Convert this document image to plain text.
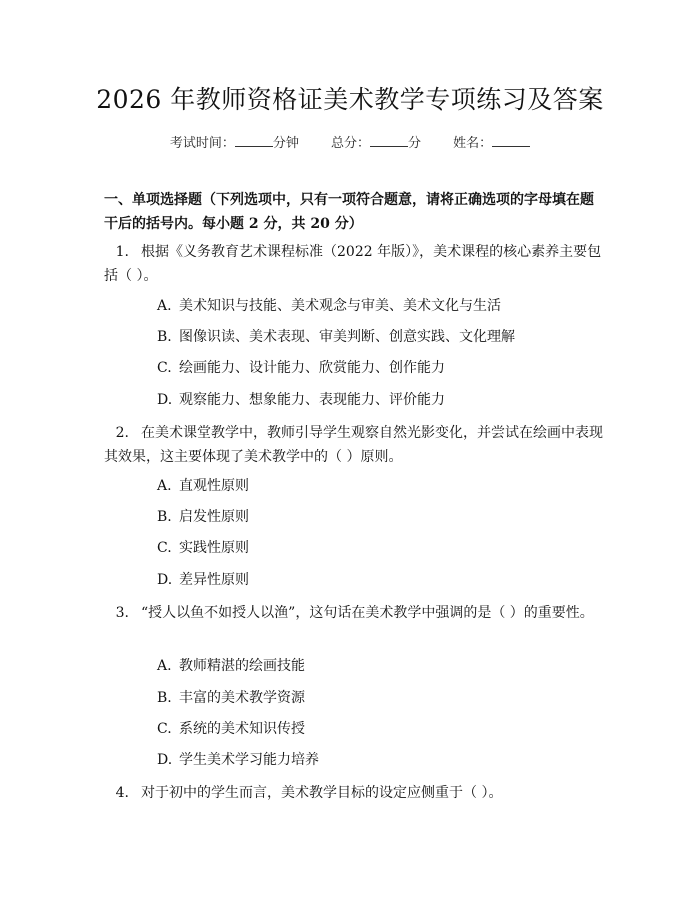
2026 年教师资格证美术教学专项练习及答案
考试时间：	分钟 总分：	分 姓名：
一、单项选择题（下列选项中，只有一项符合题意，请将正确选项的字母填在题干后的括号内。每小题 2 分，共 20 分）
1. 根据《义务教育艺术课程标准（2022 年版）》，美术课程的核心素养主要包括（ ）。
A. 美术知识与技能、美术观念与审美、美术文化与生活
B. 图像识读、美术表现、审美判断、创意实践、文化理解
C. 绘画能力、设计能力、欣赏能力、创作能力
D. 观察能力、想象能力、表现能力、评价能力
2. 在美术课堂教学中，教师引导学生观察自然光影变化，并尝试在绘画中表现其效果，这主要体现了美术教学中的（ ）原则。
A. 直观性原则
B. 启发性原则
C. 实践性原则
D. 差异性原则
3. “授人以鱼不如授人以渔”，这句话在美术教学中强调的是（ ）的重要性。
A. 教师精湛的绘画技能
B. 丰富的美术教学资源
C. 系统的美术知识传授
D. 学生美术学习能力培养
4. 对于初中的学生而言，美术教学目标的设定应侧重于（ ）。
